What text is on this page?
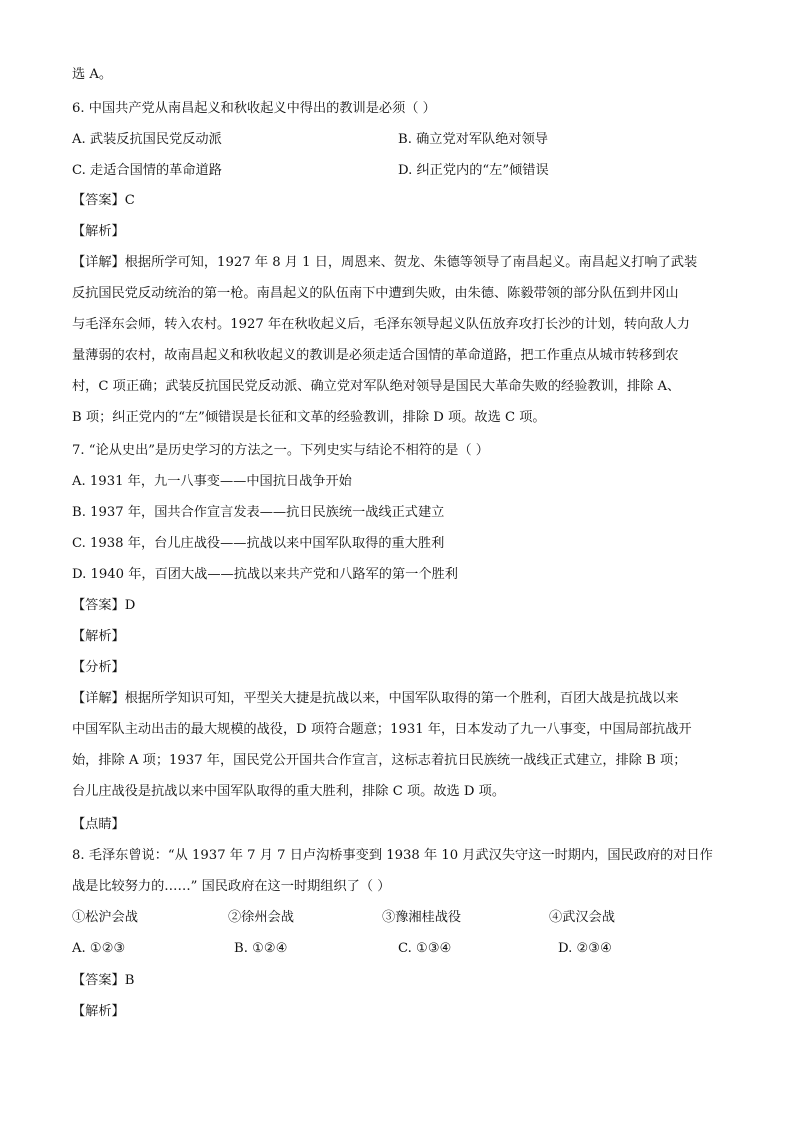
选 A。
6. 中国共产党从南昌起义和秋收起义中得出的教训是必须（ ）
A. 武装反抗国民党反动派	B. 确立党对军队绝对领导
C. 走适合国情的革命道路	D. 纠正党内的“左”倾错误
【答案】C
【解析】

【详解】根据所学可知，1927 年 8 月 1 日，周恩来、贺龙、朱德等领导了南昌起义。南昌起义打响了武装

反抗国民党反动统治的第一枪。南昌起义的队伍南下中遭到失败，由朱德、陈毅带领的部分队伍到井冈山

与毛泽东会师，转入农村。1927 年在秋收起义后，毛泽东领导起义队伍放弃攻打长沙的计划，转向敌人力

量薄弱的农村，故南昌起义和秋收起义的教训是必须走适合国情的革命道路，把工作重点从城市转移到农

村，C 项正确；武装反抗国民党反动派、确立党对军队绝对领导是国民大革命失败的经验教训，排除 A、

B 项；纠正党内的“左”倾错误是长征和文革的经验教训，排除 D 项。故选 C 项。

7. “论从史出”是历史学习的方法之一。下列史实与结论不相符的是（ ）
A. 1931 年，九一八事变——中国抗日战争开始
B. 1937 年，国共合作宣言发表——抗日民族统一战线正式建立
C. 1938 年，台儿庄战役——抗战以来中国军队取得的重大胜利
D. 1940 年，百团大战——抗战以来共产党和八路军的第一个胜利
【答案】D
【解析】
【分析】

【详解】根据所学知识可知，平型关大捷是抗战以来，中国军队取得的第一个胜利，百团大战是抗战以来

中国军队主动出击的最大规模的战役，D 项符合题意；1931 年，日本发动了九一八事变，中国局部抗战开

始，排除 A 项；1937 年，国民党公开国共合作宣言，这标志着抗日民族统一战线正式建立，排除 B 项；

台儿庄战役是抗战以来中国军队取得的重大胜利，排除 C 项。故选 D 项。

【点睛】

8. 毛泽东曾说：“从 1937 年 7 月 7 日卢沟桥事变到 1938 年 10 月武汉失守这一时期内，国民政府的对日作

战是比较努力的……” 国民政府在这一时期组织了（ ）

①松沪会战	②徐州会战	③豫湘桂战役	④武汉会战
A. ①②③	B. ①②④	C. ①③④	D. ②③④
【答案】B
【解析】
